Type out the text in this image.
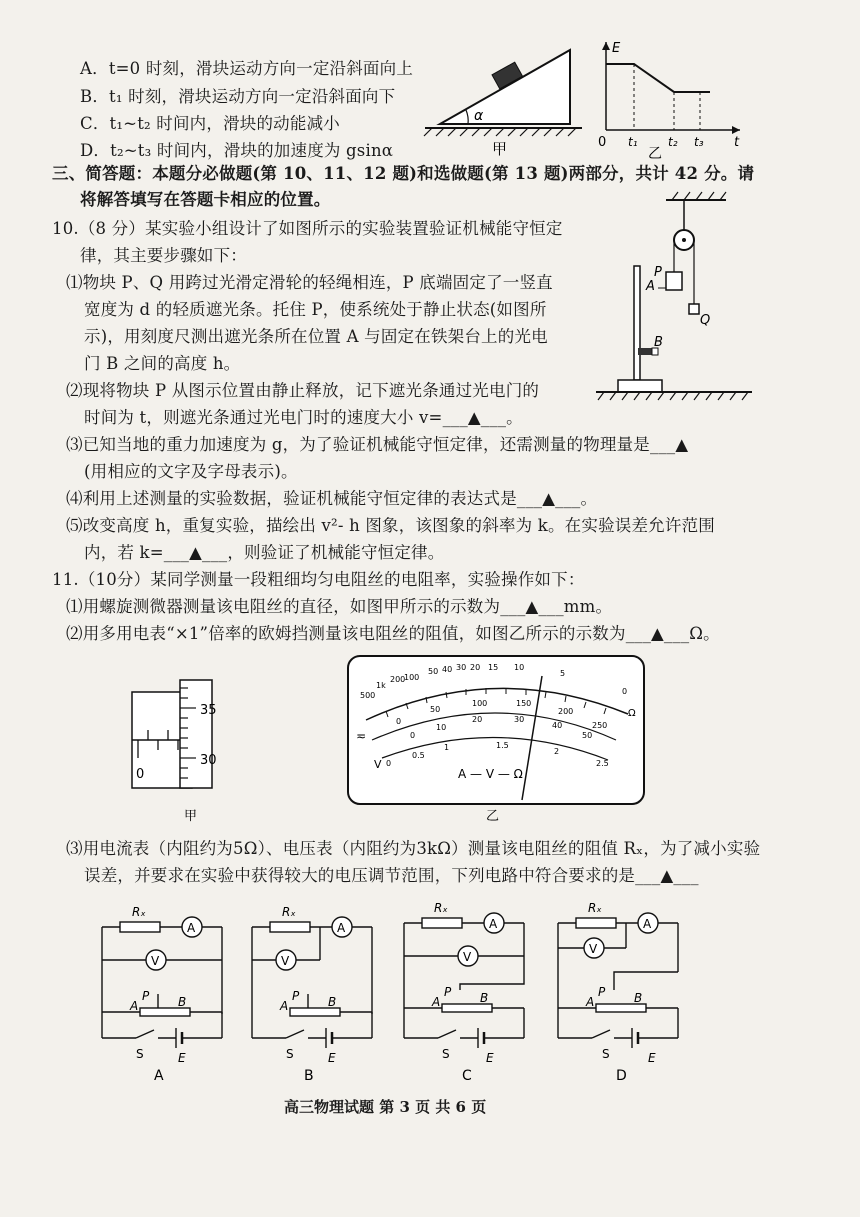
A．t=0 时刻，滑块运动方向一定沿斜面向上
B．t₁ 时刻，滑块运动方向一定沿斜面向下
C．t₁~t₂ 时间内，滑块的动能减小
D．t₂~t₃ 时间内，滑块的加速度为 gsinα
α
甲
E
t
0 t₁	t₂ t₃
乙
三、简答题：本题分必做题(第 10、11、12 题)和选做题(第 13 题)两部分，共计 42 分。请
将解答填写在答题卡相应的位置。
10.（8 分）某实验小组设计了如图所示的实验装置验证机械能守恒定
律，其主要步骤如下：
⑴物块 P、Q 用跨过光滑定滑轮的轻绳相连，P 底端固定了一竖直
宽度为 d 的轻质遮光条。托住 P，使系统处于静止状态(如图所
示)，用刻度尺测出遮光条所在位置 A 与固定在铁架台上的光电
门 B 之间的高度 h。
⑵现将物块 P 从图示位置由静止释放，记下遮光条通过光电门的
时间为 t，则遮光条通过光电门时的速度大小 v=___▲___。
⑶已知当地的重力加速度为 g，为了验证机械能守恒定律，还需测量的物理量是___▲
(用相应的文字及字母表示)。
⑷利用上述测量的实验数据，验证机械能守恒定律的表达式是___▲___。
⑸改变高度 h，重复实验，描绘出 v²- h 图象，该图象的斜率为 k。在实验误差允许范围
内，若 k=___▲___，则验证了机械能守恒定律。
P
A
Q
B
11.（10分）某同学测量一段粗细均匀电阻丝的电阻率，实验操作如下：
⑴用螺旋测微器测量该电阻丝的直径，如图甲所示的示数为___▲___mm。
⑵用多用电表“×1”倍率的欧姆挡测量该电阻丝的阻值，如图乙所示的示数为___▲___Ω。
0
35
30
甲
500
1k
200
100
50 40 30 20 15 10
5
0
Ω
0
50
100	150
200
250
0
10
20	30
40
50
0
0.5
1	1.5
2
2.5
≂
V
A — V — Ω
乙
⑶用电流表（内阻约为5Ω）、电压表（内阻约为3kΩ）测量该电阻丝的阻值 Rₓ，为了减小实验
误差，并要求在实验中获得较大的电压调节范围，下列电路中符合要求的是___▲___
Rₓ
A
V
A
P B
S	E
A
Rₓ
A
V
A
P B
S	E
B
Rₓ
A
V
A
P B
S	E
C
Rₓ
A
V
A
P B
S	E
D
高三物理试题 第 3 页 共 6 页
